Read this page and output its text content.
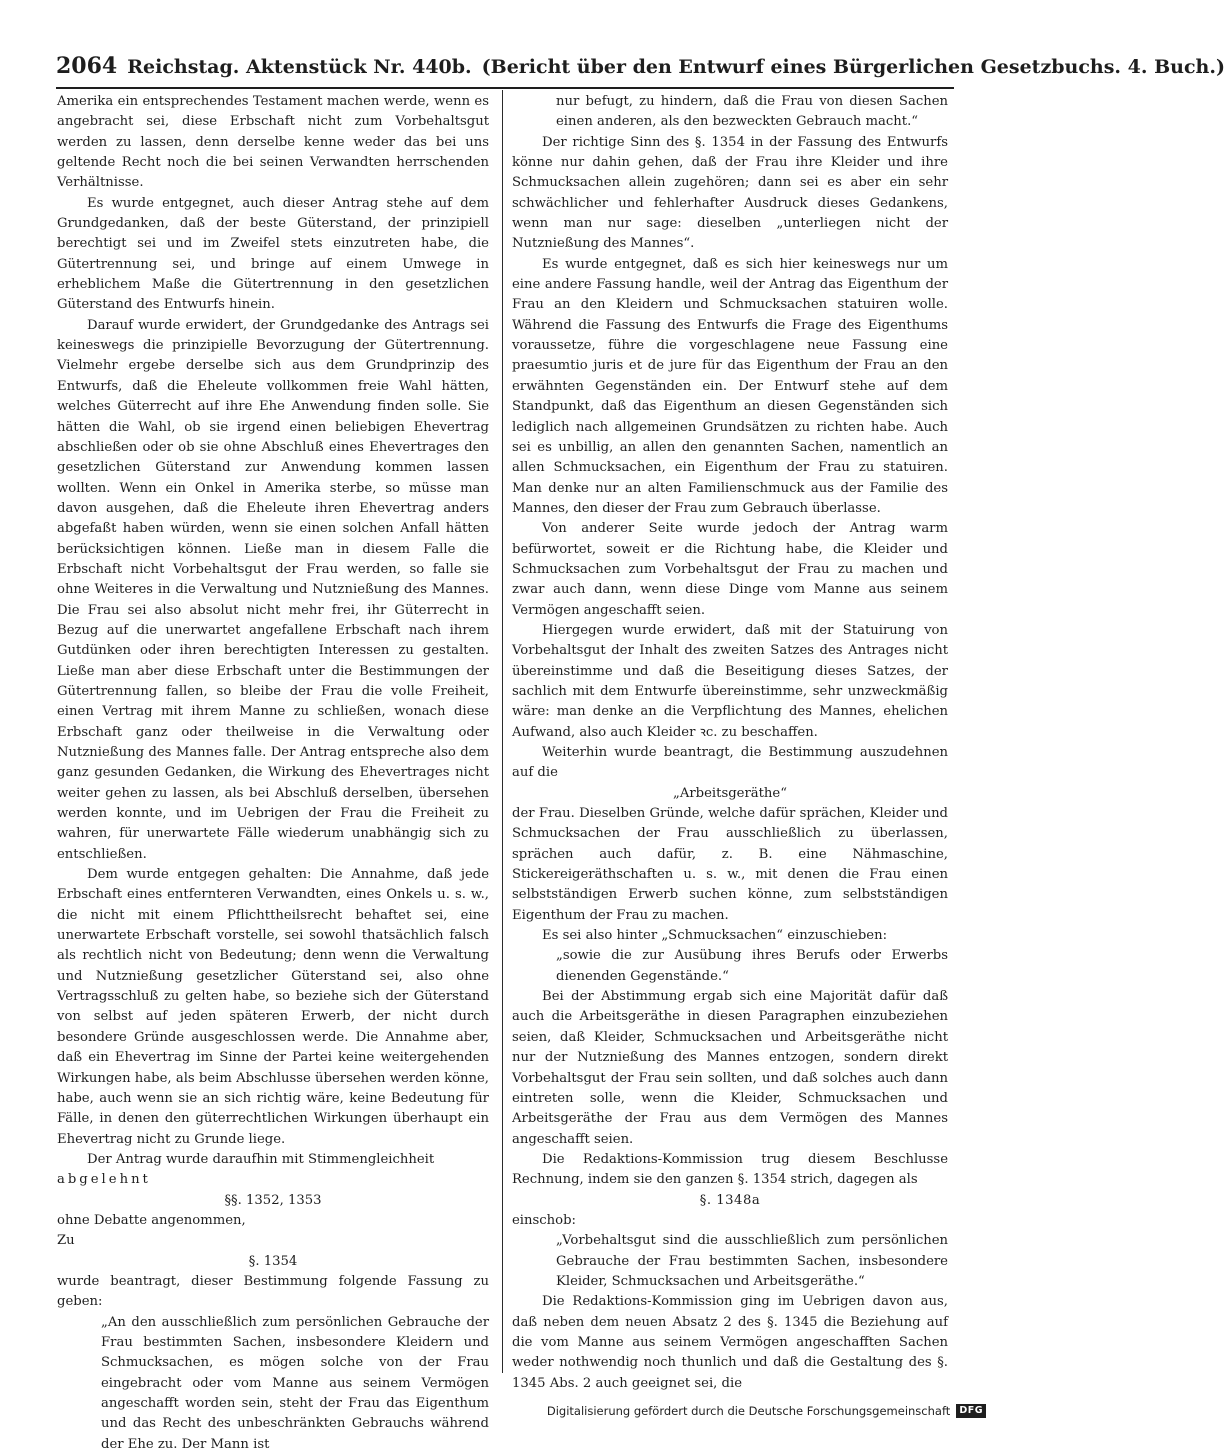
2064 Reichstag. Aktenstück Nr. 440b. (Bericht über den Entwurf eines Bürgerlichen Gesetzbuchs. 4. Buch.)

Amerika ein entsprechendes Testament machen werde, wenn es angebracht sei, diese Erbschaft nicht zum Vorbehaltsgut werden zu lassen, denn derselbe kenne weder das bei uns geltende Recht noch die bei seinen Verwandten herrschenden Verhältnisse.

Es wurde entgegnet, auch dieser Antrag stehe auf dem Grundgedanken, daß der beste Güterstand, der prinzipiell berechtigt sei und im Zweifel stets einzutreten habe, die Gütertrennung sei, und bringe auf einem Umwege in erheblichem Maße die Gütertrennung in den gesetzlichen Güterstand des Entwurfs hinein.

Darauf wurde erwidert, der Grundgedanke des Antrags sei keineswegs die prinzipielle Bevorzugung der Gütertrennung. Vielmehr ergebe derselbe sich aus dem Grundprinzip des Entwurfs, daß die Eheleute vollkommen freie Wahl hätten, welches Güterrecht auf ihre Ehe Anwendung finden solle. Sie hätten die Wahl, ob sie irgend einen beliebigen Ehevertrag abschließen oder ob sie ohne Abschluß eines Ehevertrages den gesetzlichen Güterstand zur Anwendung kommen lassen wollten. Wenn ein Onkel in Amerika sterbe, so müsse man davon ausgehen, daß die Eheleute ihren Ehevertrag anders abgefaßt haben würden, wenn sie einen solchen Anfall hätten berücksichtigen können. Ließe man in diesem Falle die Erbschaft nicht Vorbehaltsgut der Frau werden, so falle sie ohne Weiteres in die Verwaltung und Nutznießung des Mannes. Die Frau sei also absolut nicht mehr frei, ihr Güterrecht in Bezug auf die unerwartet angefallene Erbschaft nach ihrem Gutdünken oder ihren berechtigten Interessen zu gestalten. Ließe man aber diese Erbschaft unter die Bestimmungen der Gütertrennung fallen, so bleibe der Frau die volle Freiheit, einen Vertrag mit ihrem Manne zu schließen, wonach diese Erbschaft ganz oder theilweise in die Verwaltung oder Nutznießung des Mannes falle. Der Antrag entspreche also dem ganz gesunden Gedanken, die Wirkung des Ehevertrages nicht weiter gehen zu lassen, als bei Abschluß derselben, übersehen werden konnte, und im Uebrigen der Frau die Freiheit zu wahren, für unerwartete Fälle wiederum unabhängig sich zu entschließen.

Dem wurde entgegen gehalten: Die Annahme, daß jede Erbschaft eines entfernteren Verwandten, eines Onkels u. s. w., die nicht mit einem Pflichttheilsrecht behaftet sei, eine unerwartete Erbschaft vorstelle, sei sowohl thatsächlich falsch als rechtlich nicht von Bedeutung; denn wenn die Verwaltung und Nutznießung gesetzlicher Güterstand sei, also ohne Vertragsschluß zu gelten habe, so beziehe sich der Güterstand von selbst auf jeden späteren Erwerb, der nicht durch besondere Gründe ausgeschlossen werde. Die Annahme aber, daß ein Ehevertrag im Sinne der Partei keine weitergehenden Wirkungen habe, als beim Abschlusse übersehen werden könne, habe, auch wenn sie an sich richtig wäre, keine Bedeutung für Fälle, in denen den güterrechtlichen Wirkungen überhaupt ein Ehevertrag nicht zu Grunde liege.

Der Antrag wurde daraufhin mit Stimmengleichheit

abgelehnt

§§. 1352, 1353

ohne Debatte angenommen,

Zu

§. 1354

wurde beantragt, dieser Bestimmung folgende Fassung zu geben:

„An den ausschließlich zum persönlichen Gebrauche der Frau bestimmten Sachen, insbesondere Kleidern und Schmucksachen, es mögen solche von der Frau eingebracht oder vom Manne aus seinem Vermögen angeschafft worden sein, steht der Frau das Eigenthum und das Recht des unbeschränkten Gebrauchs während der Ehe zu. Der Mann ist

nur befugt, zu hindern, daß die Frau von diesen Sachen einen anderen, als den bezweckten Gebrauch macht.“

Der richtige Sinn des §. 1354 in der Fassung des Entwurfs könne nur dahin gehen, daß der Frau ihre Kleider und ihre Schmucksachen allein zugehören; dann sei es aber ein sehr schwächlicher und fehlerhafter Ausdruck dieses Gedankens, wenn man nur sage: dieselben „unterliegen nicht der Nutznießung des Mannes“.

Es wurde entgegnet, daß es sich hier keineswegs nur um eine andere Fassung handle, weil der Antrag das Eigenthum der Frau an den Kleidern und Schmucksachen statuiren wolle. Während die Fassung des Entwurfs die Frage des Eigenthums voraussetze, führe die vorgeschlagene neue Fassung eine praesumtio juris et de jure für das Eigenthum der Frau an den erwähnten Gegenständen ein. Der Entwurf stehe auf dem Standpunkt, daß das Eigenthum an diesen Gegenständen sich lediglich nach allgemeinen Grundsätzen zu richten habe. Auch sei es unbillig, an allen den genannten Sachen, namentlich an allen Schmucksachen, ein Eigenthum der Frau zu statuiren. Man denke nur an alten Familienschmuck aus der Familie des Mannes, den dieser der Frau zum Gebrauch überlasse.

Von anderer Seite wurde jedoch der Antrag warm befürwortet, soweit er die Richtung habe, die Kleider und Schmucksachen zum Vorbehaltsgut der Frau zu machen und zwar auch dann, wenn diese Dinge vom Manne aus seinem Vermögen angeschafft seien.

Hiergegen wurde erwidert, daß mit der Statuirung von Vorbehaltsgut der Inhalt des zweiten Satzes des Antrages nicht übereinstimme und daß die Beseitigung dieses Satzes, der sachlich mit dem Entwurfe übereinstimme, sehr unzweckmäßig wäre: man denke an die Verpflichtung des Mannes, ehelichen Aufwand, also auch Kleider ꝛc. zu beschaffen.

Weiterhin wurde beantragt, die Bestimmung auszudehnen auf die

„Arbeitsgeräthe“

der Frau. Dieselben Gründe, welche dafür sprächen, Kleider und Schmucksachen der Frau ausschließlich zu überlassen, sprächen auch dafür, z. B. eine Nähmaschine, Stickereigeräthschaften u. s. w., mit denen die Frau einen selbstständigen Erwerb suchen könne, zum selbstständigen Eigenthum der Frau zu machen.

Es sei also hinter „Schmucksachen“ einzuschieben:

„sowie die zur Ausübung ihres Berufs oder Erwerbs dienenden Gegenstände.“

Bei der Abstimmung ergab sich eine Majorität dafür daß auch die Arbeitsgeräthe in diesen Paragraphen einzubeziehen seien, daß Kleider, Schmucksachen und Arbeitsgeräthe nicht nur der Nutznießung des Mannes entzogen, sondern direkt Vorbehaltsgut der Frau sein sollten, und daß solches auch dann eintreten solle, wenn die Kleider, Schmucksachen und Arbeitsgeräthe der Frau aus dem Vermögen des Mannes angeschafft seien.

Die Redaktions-Kommission trug diesem Beschlusse Rechnung, indem sie den ganzen §. 1354 strich, dagegen als

§. 1348a

einschob:

„Vorbehaltsgut sind die ausschließlich zum persönlichen Gebrauche der Frau bestimmten Sachen, insbesondere Kleider, Schmucksachen und Arbeitsgeräthe.“

Die Redaktions-Kommission ging im Uebrigen davon aus, daß neben dem neuen Absatz 2 des §. 1345 die Beziehung auf die vom Manne aus seinem Vermögen angeschafften Sachen weder nothwendig noch thunlich und daß die Gestaltung des §. 1345 Abs. 2 auch geeignet sei, die

Digitalisierung gefördert durch die Deutsche Forschungsgemeinschaft DFG
